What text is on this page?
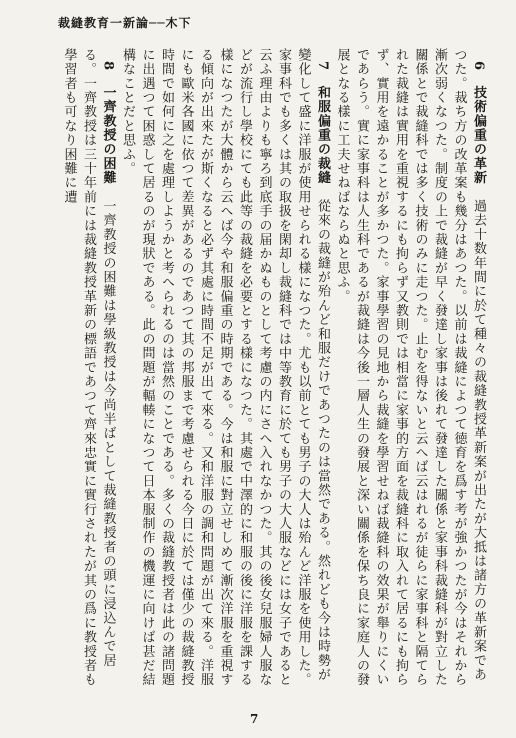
裁縫教育一新論──木下

6　技術偏重の革新　過去十数年間に於て種々の裁縫教授革新案が出たが大抵は諸方の革新案であつた。裁ち方の改革案も幾分はあつた。以前は裁縫によつて徳育を爲す考が強かつたが今はそれから漸次弱くなつた。制度の上で裁縫が早く發達し家事は後れて發達した關係と家事科裁縫科が對立した關係とで裁縫科では多く技術のみに走つた。止むを得ないと云へば云はれるが徒らに家事科と隔てられた裁縫は實用を重視するにも拘らず又教則では相當に家事的方面を裁縫科に取入れて居るにも拘らず、實用を遠かることが多かつた。家事學習の見地から裁縫を學習せねば裁縫科の效果が舉りにくいであらう。實に家事科は人生科であるが裁縫は今後一層人生の發展と深い關係を保ち良に家庭人の發展となる樣に工夫せねばならぬと思ふ。

7　和服偏重の裁縫　從來の裁縫が殆んど和服だけであつたのは當然である。然れども今は時勢が變化して盛に洋服が使用せられる樣になつた。尤も以前とても男子の大人は殆んど洋服を使用した。家事科でも多くは其の取扱を閑却し裁縫科では中等教育に於ても男子の大人服などには女子であると云ふ理由よりも寧ろ到底手の届かぬものとして考慮の内にさへ入れなかつた。其の後女兒服婦人服などが流行し學校にても此等の裁縫を必要とする樣になつた。其處で中澤的に和服の後に洋服を課する樣になつたが大體から云へば今や和服偏重の時期である。今は和服に對立せしめて漸次洋服を重視する傾向が出來たが斯くなると必ず其處に時間不足が出て來る。又和洋服の調和問題が出て來る。洋服にも歐米各國に依つて差異があるのであつて其の邦服まで考慮せられる今日に於ては僅少の裁縫教授時間で如何に之を處理しようかと考へられるのは當然のことである。多くの裁縫教授者は此の諸問題に出遇つて困惑して居るのが現狀である。此の問題が輻輳になつて日本服制作の機運に向けば甚だ結構なことだと思ふ。

8　一齊教授の困難　一齊教授の困難は學級教授は今尚半ばとして裁縫教授者の頭に浸込んで居る。一齊教授は三十年前には裁縫教授革新の標語であつて齊來忠實に實行されたが其の爲に教授者も學習者も可なり困難に遭

7
